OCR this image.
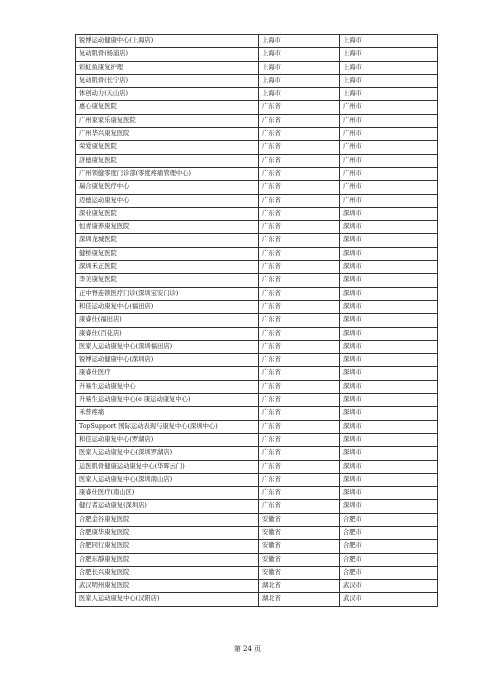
锐博运动健康中心(上海店)	上海市	上海市
复动肌骨(杨浦店)	上海市	上海市
彩虹鱼康复护理	上海市	上海市
复动肌骨(长宁店)	上海市	上海市
体创动力(天山店)	上海市	上海市
惠心康复医院	广东省	广州市
广州家家乐康复医院	广东省	广州市
广州华兴康复医院	广东省	广州市
荣爱康复医院	广东省	广州市
济德康复医院	广东省	广州市
广州领健零度门诊部(零度疼痛管理中心)	广东省	广州市
瑞合康复医疗中心	广东省	广州市
迈德运动康复中心	广东省	广州市
深业康复医院	广东省	深圳市
恒青康养康复医院	广东省	深圳市
深圳龙城医院	广东省	深圳市
健桥康复医院	广东省	深圳市
深圳禾正医院	广东省	深圳市
李美康复医院	广东省	深圳市
正中脊连锁医疗门诊(深圳宝安门诊)	广东省	深圳市
和佳运动康复中心(福田店)	广东省	深圳市
康睿仕(福田店)	广东省	深圳市
康睿仕(百花店)	广东省	深圳市
医家人运动康复中心(深圳福田店)	广东省	深圳市
锐博运动健康中心(深圳店)	广东省	深圳市
康睿仕医疗	广东省	深圳市
升易生运动康复中心	广东省	深圳市
升易生运动康复中心(e 康运动康复中心)	广东省	深圳市
禾普疼痛	广东省	深圳市
TopSupport 国际运动表现与康复中心(深圳中心)	广东省	深圳市
和佳运动康复中心(罗湖店)	广东省	深圳市
医家人运动康复中心(深圳罗湖店)	广东省	深圳市
运医肌骨健康运动康复中心(华晖云门)	广东省	深圳市
医家人运动康复中心(深圳南山店)	广东省	深圳市
康睿仕医疗(南山区)	广东省	深圳市
健行者运动康复(深圳店)	广东省	深圳市
合肥金谷康复医院	安徽省	合肥市
合肥康华康复医院	安徽省	合肥市
合肥同行康复医院	安徽省	合肥市
合肥东靜康复医院	安徽省	合肥市
合肥长兴康复医院	安徽省	合肥市
武汉明州康复医院	湖北省	武汉市
医家人运动康复中心(汉阳店)	湖北省	武汉市
第 24 页
